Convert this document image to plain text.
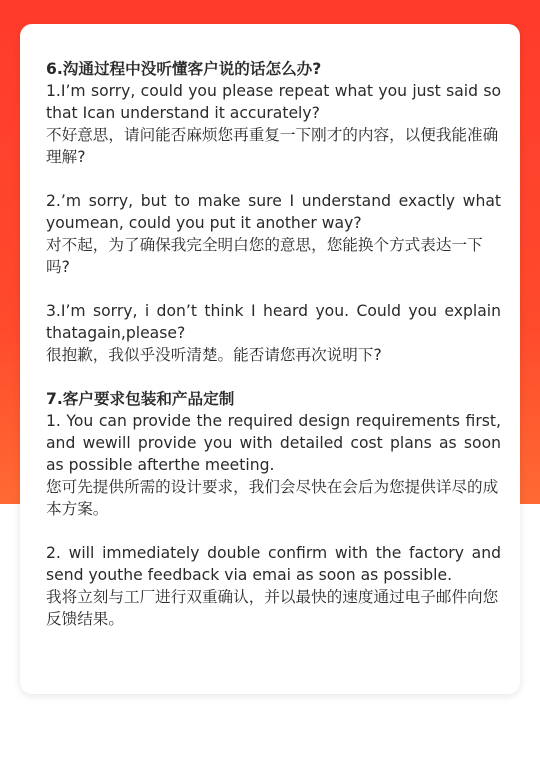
6.沟通过程中没听懂客户说的话怎么办?

1.I’m sorry, could you please repeat what you just said so that Ican understand it accurately?

不好意思，请问能否麻烦您再重复一下刚才的内容，以便我能准确理解?

2.’m sorry, but to make sure I understand exactly what youmean, could you put it another way?

对不起，为了确保我完全明白您的意思，您能换个方式表达一下吗?

3.I’m sorry, i don’t think I heard you. Could you explain thatagain,please?

很抱歉，我似乎没听清楚。能否请您再次说明下?

7.客户要求包装和产品定制

1. You can provide the required design requirements first, and wewill provide you with detailed cost plans as soon as possible afterthe meeting.

您可先提供所需的设计要求，我们会尽快在会后为您提供详尽的成本方案。

2. will immediately double confirm with the factory and send youthe feedback via emai as soon as possible.

我将立刻与工厂进行双重确认，并以最快的速度通过电子邮件向您反馈结果。
